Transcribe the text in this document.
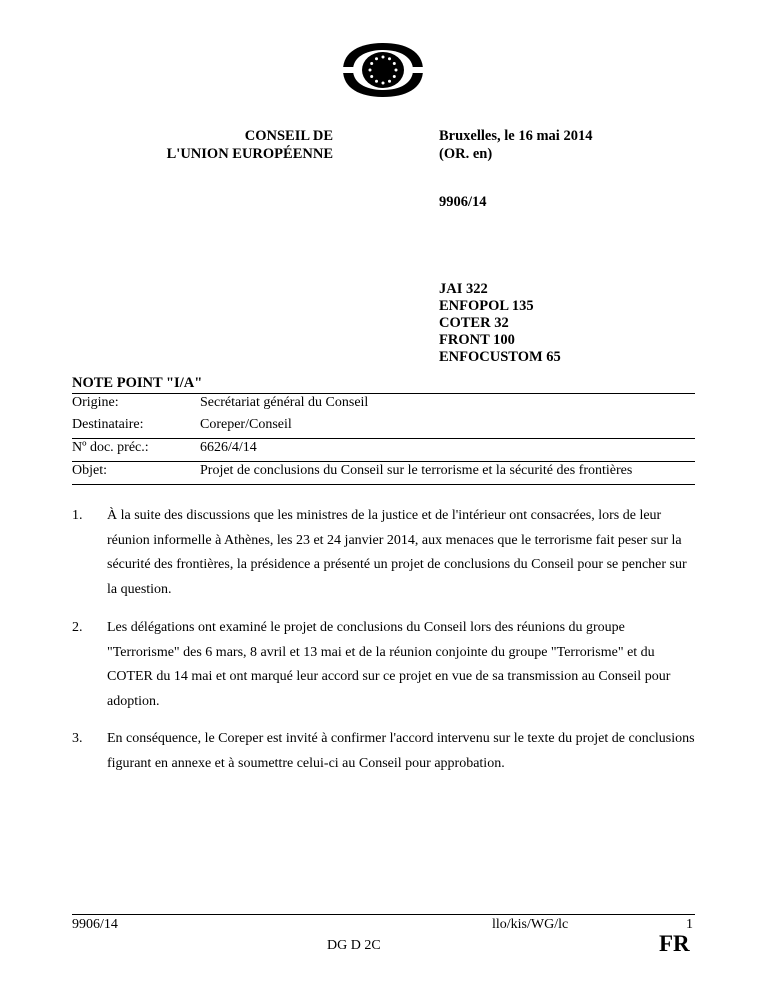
CONSEIL DE
L'UNION EUROPÉENNE
Bruxelles, le 16 mai 2014
(OR. en)
9906/14
JAI 322
ENFOPOL 135
COTER 32
FRONT 100
ENFOCUSTOM 65
NOTE POINT "I/A"
Origine:	Secrétariat général du Conseil
Destinataire:	Coreper/Conseil
Nº doc. préc.:	6626/4/14
Objet:	Projet de conclusions du Conseil sur le terrorisme et la sécurité des frontières
1. À la suite des discussions que les ministres de la justice et de l'intérieur ont consacrées, lors de leur réunion informelle à Athènes, les 23 et 24 janvier 2014, aux menaces que le terrorisme fait peser sur la sécurité des frontières, la présidence a présenté un projet de conclusions du Conseil pour se pencher sur la question.
2. Les délégations ont examiné le projet de conclusions du Conseil lors des réunions du groupe "Terrorisme" des 6 mars, 8 avril et 13 mai et de la réunion conjointe du groupe "Terrorisme" et du COTER du 14 mai et ont marqué leur accord sur ce projet en vue de sa transmission au Conseil pour adoption.
3. En conséquence, le Coreper est invité à confirmer l'accord intervenu sur le texte du projet de conclusions figurant en annexe et à soumettre celui-ci au Conseil pour approbation.
9906/14	llo/kis/WG/lc	1
DG D 2C	FR
